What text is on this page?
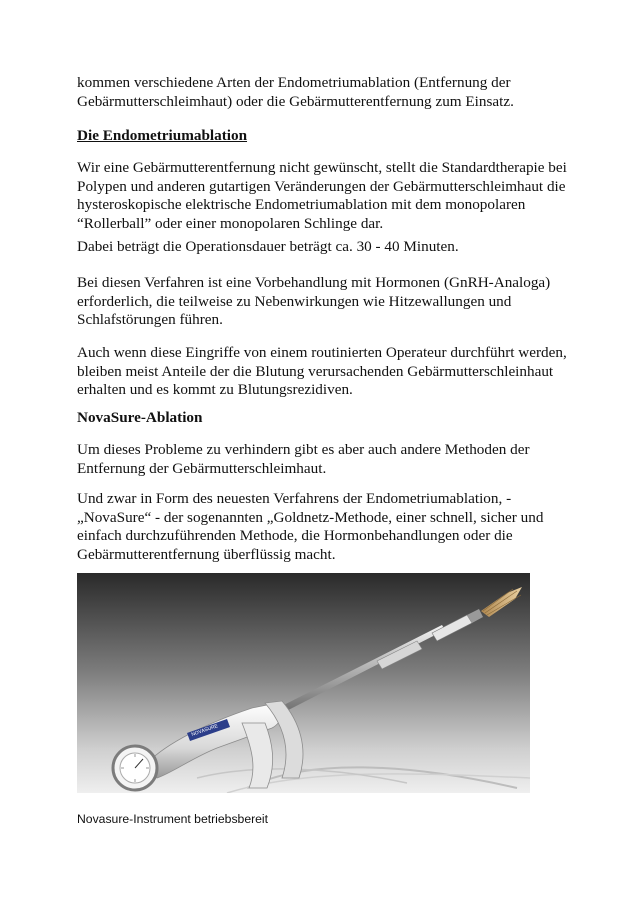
kommen verschiedene Arten der Endometriumablation (Entfernung der Gebärmutterschleimhaut) oder die Gebärmutterentfernung zum Einsatz.

Die Endometriumablation

Wir eine Gebärmutterentfernung nicht gewünscht, stellt die Standardtherapie bei Polypen und anderen gutartigen Veränderungen der Gebärmutterschleimhaut die hysteroskopische elektrische Endometriumablation mit dem monopolaren “Rollerball” oder einer monopolaren Schlinge dar.

Dabei beträgt die Operationsdauer beträgt ca. 30 - 40 Minuten.

Bei diesen Verfahren ist eine Vorbehandlung mit Hormonen (GnRH-Analoga) erforderlich, die teilweise zu Nebenwirkungen wie Hitzewallungen und Schlafstörungen führen.

Auch wenn diese Eingriffe von einem routinierten Operateur durchführt werden, bleiben meist Anteile der die Blutung verursachenden Gebärmutterschleinhaut erhalten und es kommt zu Blutungsrezidiven.

NovaSure-Ablation

Um dieses Probleme zu verhindern gibt es aber auch andere Methoden der Entfernung der Gebärmutterschleimhaut.

Und zwar in Form des neuesten Verfahrens der Endometriumablation, - „NovaSure“ - der sogenannten „Goldnetz-Methode, einer schnell, sicher und einfach durchzuführenden Methode, die Hormonbehandlungen oder die Gebärmutterentfernung überflüssig macht.

NOVASURE
Novasure-Instrument betriebsbereit
